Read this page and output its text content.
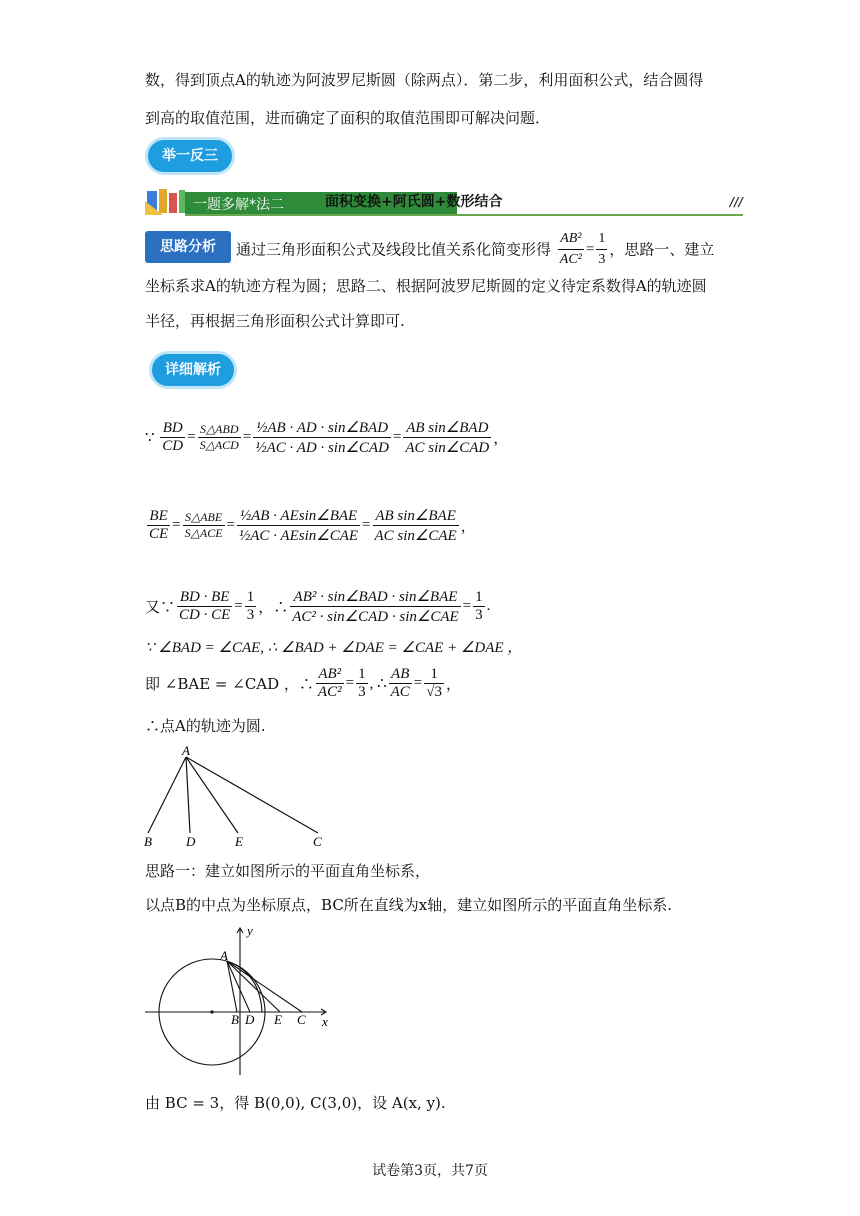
数，得到顶点A的轨迹为阿波罗尼斯圆（除两点）．第二步，利用面积公式，结合圆得
到高的取值范围，进而确定了面积的取值范围即可解决问题．
举一反三
一题多解*法二	面积变换+阿氏圆+数形结合	///
思路分析	通过三角形面积公式及线段比值关系化简变形得 $\frac{\text{AB²}}{\text{AC²}} = \frac{1}{3}$ ，思路一、建立
坐标系求A的轨迹方程为圆；思路二、根据阿波罗尼斯圆的定义待定系数得A的轨迹圆
半径，再根据三角形面积公式计算即可.
详细解析
∵ $\frac{BD}{CD} = \frac{\text{S△ABD}}{\text{S△ACD}} = \frac{\text{½AB · AD · sin∠BAD}}{\text{½AC · AD · sin∠CAD}} = \frac{\text{AB sin∠BAD}}{\text{AC sin∠CAD}}$ ，
$\frac{BE}{CE} = \frac{\text{S△ABE}}{\text{S△ACE}} = \frac{\text{½AB · AEsin∠BAE}}{\text{½AC · AEsin∠CAE}} = \frac{\text{AB sin∠BAE}}{\text{AC sin∠CAE}}$ ，
又∵ $\frac{BD \cdot BE}{CD \cdot CE} = \frac{1}{3}$ ，∴ $\frac{\text{AB² · sin∠BAD · sin∠BAE}}{\text{AC² · sin∠CAD · sin∠CAE}} = \frac{1}{3}$ .
∵ ∠BAD = ∠CAE, ∴ ∠BAD + ∠DAE = ∠CAE + ∠DAE ，
即 ∠BAE = ∠CAD ，∴ $\frac{\text{AB²}}{\text{AC²}} = \frac{1}{3}$ , ∴ $\frac{AB}{AC} = \frac{1}{√3}$ ，
∴点A的轨迹为圆.
A
B	D	E	C
思路一：建立如图所示的平面直角坐标系，
以点B的中点为坐标原点，BC所在直线为x轴，建立如图所示的平面直角坐标系.
y
A
B D E C x
由 BC = 3，得 B(0,0), C(3,0)，设 A(x, y).
试卷第3页，共7页
